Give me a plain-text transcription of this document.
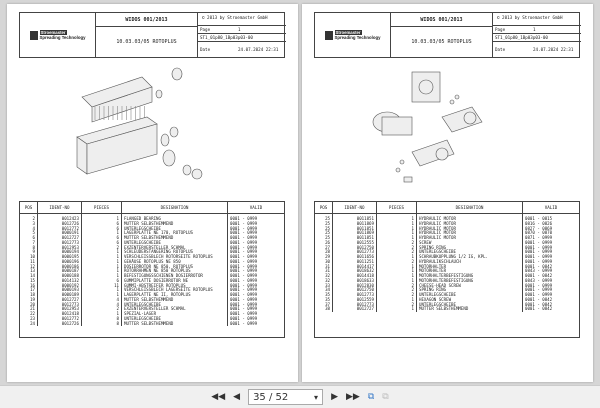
Stroemaster
Spreading Technology
WIDOS 001/2013
10.03.03/05 ROTOPLUS
© 2013 by Stroemaster GmbH
Page	1
ST1_01p80_1Bp03p03-00
Date	24.07.2024 22:31
POS	IDENT-NO	PIECES	DESIGNATION	VALID
2	0012423	1	FLANGED BEARING	0001 - 0999
3	0012726	6	MUTTER SELBSTHEMMEND	0001 - 0999
4	0012772	6	UNTERLEGSCHEIBE	0001 - 0999
5	0000191	1	LAGERPLATTE NE 170, ROTOPLUS	0001 - 0999
6	0012727	6	MUTTER SELBSTHEMMEND	0001 - 0999
7	0012773	6	UNTERLEGSCHEIBE	0001 - 0999
8	0012953	2	EXZENTERVERSTELLER SCHMAL	0001 - 0999
9	0000194	1	SCHLEUDERSTANGERING ROTOPLUS	0001 - 0999
10	0000195	1	VERSCHLEISSBLECH ROTORSEITE ROTOPLUS	0001 - 0999
11	0000196	1	GEHÄUSE ROTOPLUS NE 850	0001 - 0999
12	0000186	1	DOSIERROTOR NE 850, ROTOPLUS	0001 - 0999
13	0000187	1	ROTORRAHMEN NE 850 ROTOPLUS	0001 - 0999
14	0000188	1	BEFESTIGUNGSSCHIENEN DOSIERROTOR	0001 - 0999
15	0014132	6	GUMMIPLATTE DOSIERROTOR NE	0001 - 0999
16	0000192	11	GUMMI-ABSTREIFER ROTOPLUS	0001 - 0999
17	0000193	1	VERSCHLEISSBLECH LAGERSEITE ROTOPLUS	0001 - 0999
18	0000189	1	LAGERPLATTE NE II, ROTOPLUS	0001 - 0999
19	0012727	4	MUTTER SELBSTHEMMEND	0001 - 0999
20	0012773	4	UNTERLEGSCHEIBE	0001 - 0999
21	0012953	2	EXZENTERVERSTELLER SCHMAL	0001 - 0999
22	0012418	1	SPEZIAL-LAGER	0001 - 0999
23	0012772	8	UNTERLEGSCHEIBE	0001 - 0999
24	0012726	8	MUTTER SELBSTHEMMEND	0001 - 0999
Stroemaster
Spreading Technology
WIDOS 001/2013
10.03.03/05 ROTOPLUS
© 2013 by Stroemaster GmbH
Page	1
ST1_01p80_1Bp03p03-00
Date	24.07.2024 22:31
POS	IDENT-NO	PIECES	DESIGNATION	VALID
25	0011851	1	HYDRAULIC MOTOR	0001 - 0815
25	0011869	1	HYDRAULIC MOTOR	0816 - 0826
25	0011851	1	HYDRAULIC MOTOR	0827 - 0869
25	0011869	1	HYDRAULIC MOTOR	0870 - 0870
25	0011851	1	HYDRAULIC MOTOR	0871 - 0999
26	0012555	2	SCREW	0001 - 0999
27	0012750	2	SPRING RING	0001 - 0999
28	0012773	2	UNTERLEGSCHEIBE	0001 - 0999
29	0011656	1	SCHRAUBKUPPLUNG 1/2 IG, KPL.	0001 - 0999
30	0011251	2	HYDRAULIKSCHLAUCH	0001 - 0999
31	0014417	1	MOTORHALTER	0001 - 0842
31	0018632	1	MOTORHALTER	0843 - 0999
32	0014418	1	MOTORHALTERBEFESTIGUNG	0001 - 0842
32	0018633	1	MOTORHALTERBEFESTIGUNG	0843 - 0999
33	0012830	2	CHEESE-HEAD SCREW	0001 - 0999
34	0012750	2	SPRING RING	0001 - 0999
35	0012773	2	UNTERLEGSCHEIBE	0001 - 0999
35	0012559	1	HEXAGON SCREW	0001 - 0842
37	0012773	2	UNTERLEGSCHEIBE	0001 - 0842
38	0012727	1	MUTTER SELBSTHEMMEND	0001 - 0842
◀◀ ◀ 35 / 52	▾ ▶ ▶▶ ⧉ ⧉
